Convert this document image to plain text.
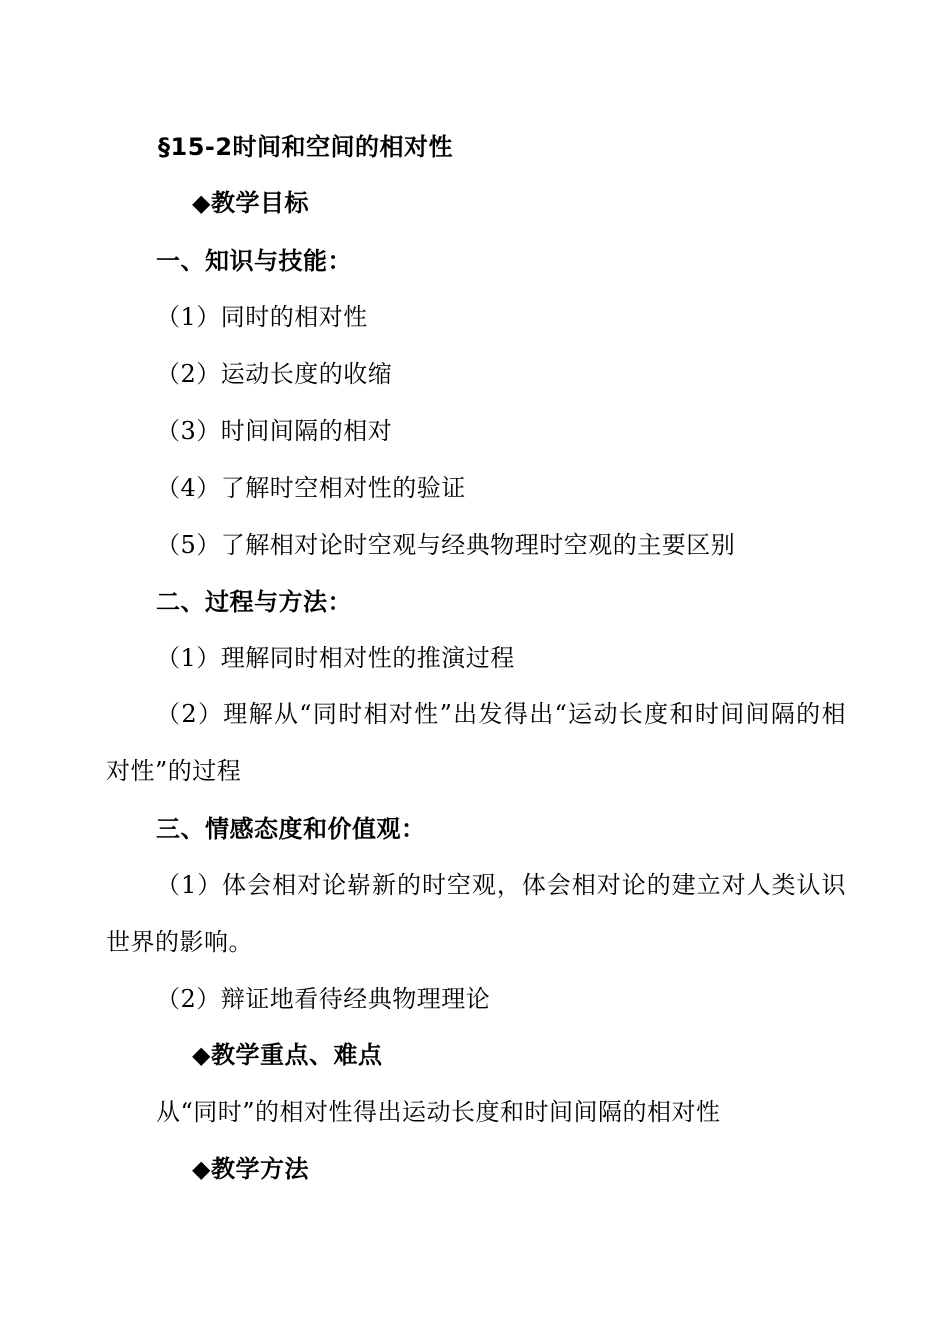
§15-2时间和空间的相对性
◆教学目标
一、知识与技能：
（1）同时的相对性
（2）运动长度的收缩
（3）时间间隔的相对
（4）了解时空相对性的验证
（5）了解相对论时空观与经典物理时空观的主要区别
二、过程与方法：
（1）理解同时相对性的推演过程
（2）理解从“同时相对性”出发得出“运动长度和时间间隔的相对性”的过程
三、情感态度和价值观：
（1）体会相对论崭新的时空观，体会相对论的建立对人类认识世界的影响。
（2）辩证地看待经典物理理论
◆教学重点、难点
从“同时”的相对性得出运动长度和时间间隔的相对性
◆教学方法
